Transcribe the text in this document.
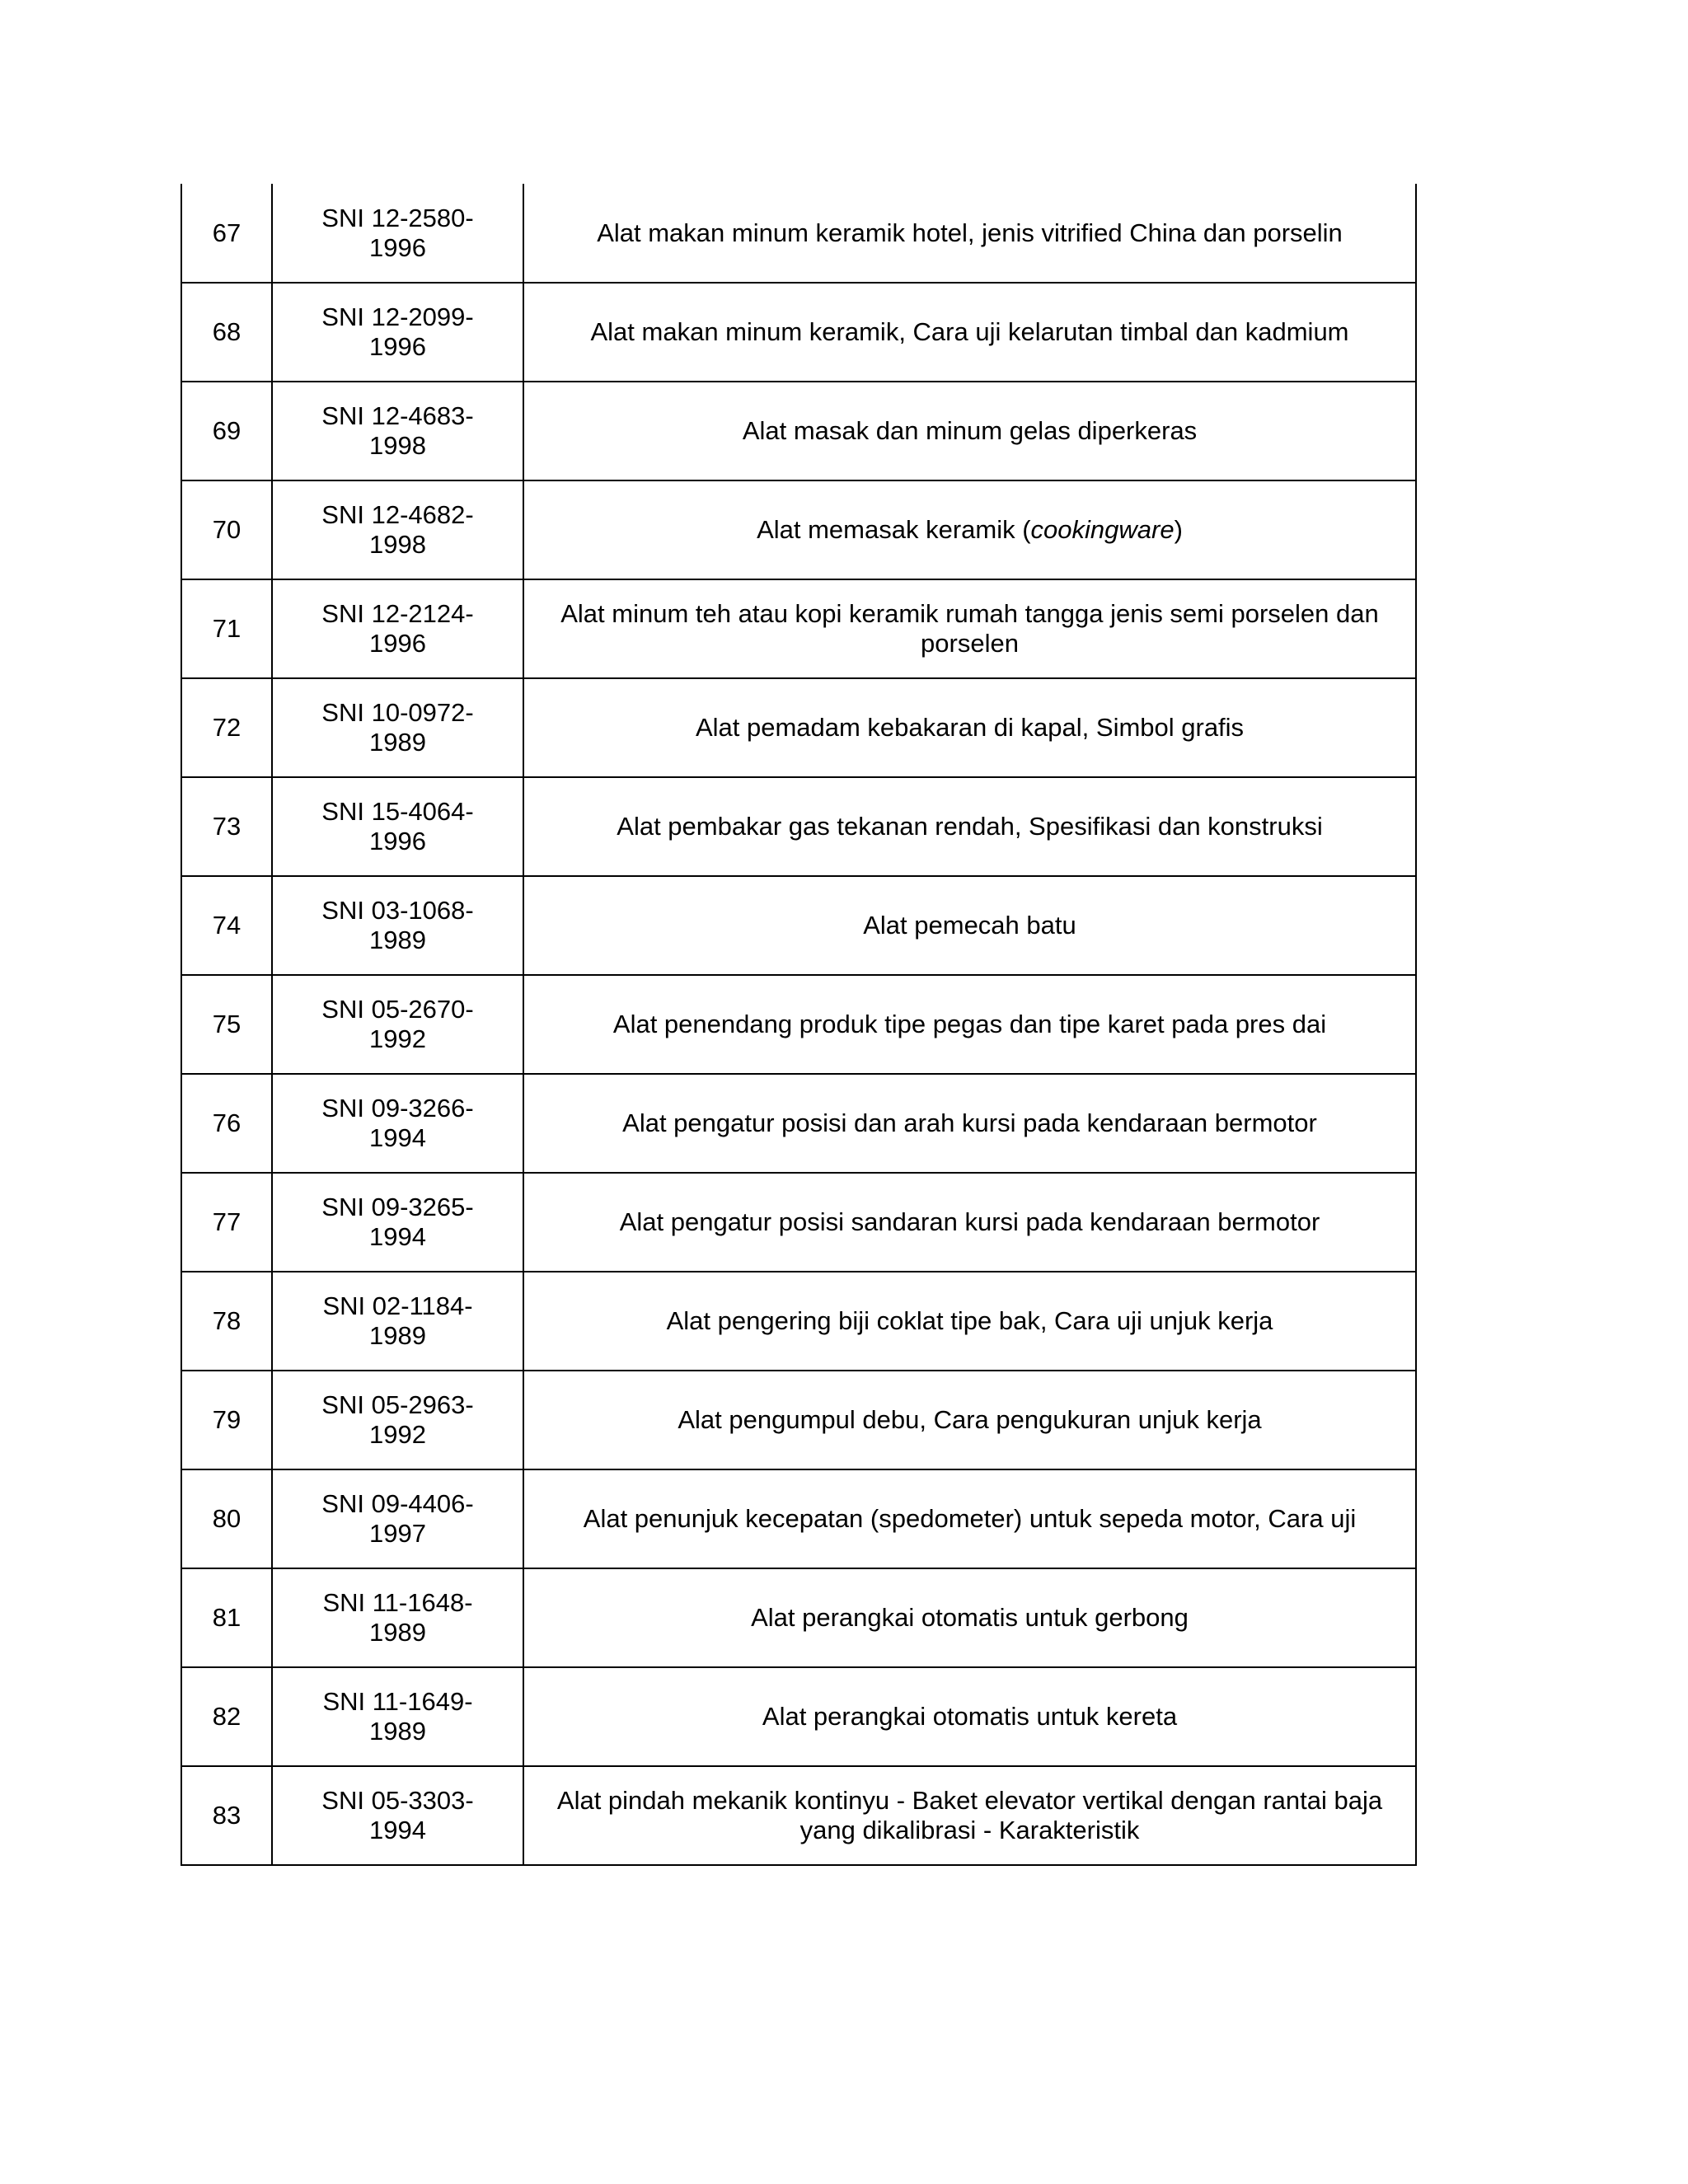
67	SNI 12-2580-1996	Alat makan minum keramik hotel, jenis vitrified China dan porselin
68	SNI 12-2099-1996	Alat makan minum keramik, Cara uji kelarutan timbal dan kadmium
69	SNI 12-4683-1998	Alat masak dan minum gelas diperkeras
70	SNI 12-4682-1998	Alat memasak keramik (cookingware)
71	SNI 12-2124-1996	Alat minum teh atau kopi keramik rumah tangga jenis semi porselen dan
porselen
72	SNI 10-0972-1989	Alat pemadam kebakaran di kapal, Simbol grafis
73	SNI 15-4064-1996	Alat pembakar gas tekanan rendah, Spesifikasi dan konstruksi
74	SNI 03-1068-1989	Alat pemecah batu
75	SNI 05-2670-1992	Alat penendang produk tipe pegas dan tipe karet pada pres dai
76	SNI 09-3266-1994	Alat pengatur posisi dan arah kursi pada kendaraan bermotor
77	SNI 09-3265-1994	Alat pengatur posisi sandaran kursi pada kendaraan bermotor
78	SNI 02-1184-1989	Alat pengering biji coklat tipe bak, Cara uji unjuk kerja
79	SNI 05-2963-1992	Alat pengumpul debu, Cara pengukuran unjuk kerja
80	SNI 09-4406-1997	Alat penunjuk kecepatan (spedometer) untuk sepeda motor, Cara uji
81	SNI 11-1648-1989	Alat perangkai otomatis untuk gerbong
82	SNI 11-1649-1989	Alat perangkai otomatis untuk kereta
83	SNI 05-3303-1994	Alat pindah mekanik kontinyu - Baket elevator vertikal dengan rantai baja
yang dikalibrasi - Karakteristik
